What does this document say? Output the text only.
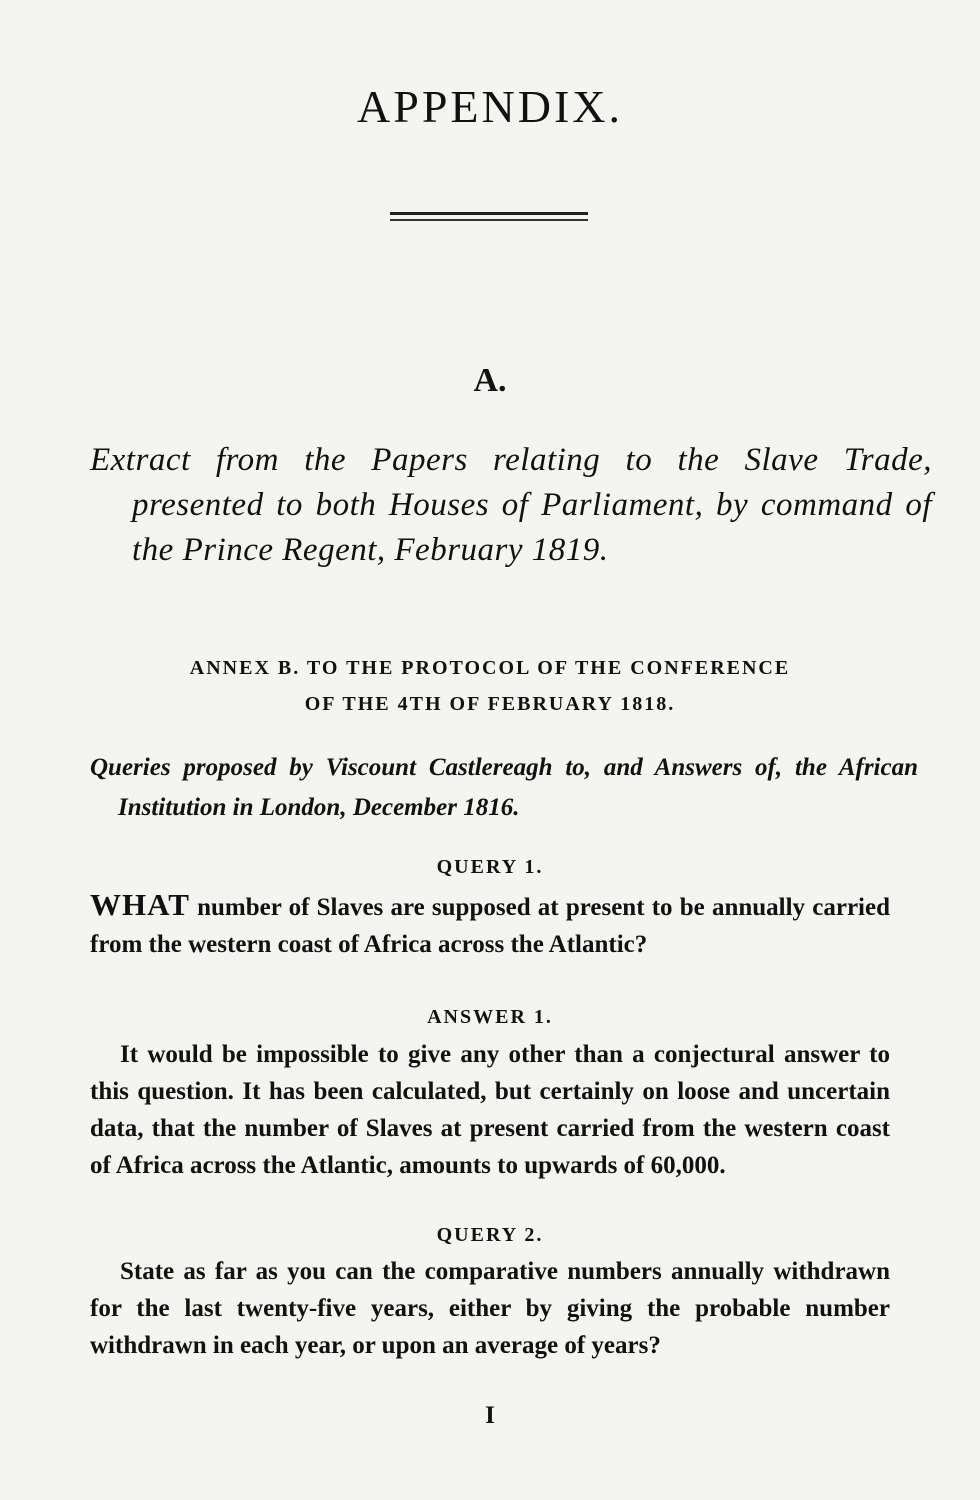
APPENDIX.
A.

Extract from the Papers relating to the Slave Trade, presented to both Houses of Parliament, by command of the Prince Regent, February 1819.

ANNEX B. TO THE PROTOCOL OF THE CONFERENCE
OF THE 4TH OF FEBRUARY 1818.

Queries proposed by Viscount Castlereagh to, and Answers of, the African Institution in London, December 1816.

QUERY 1.

WHAT number of Slaves are supposed at present to be annually carried from the western coast of Africa across the Atlantic?

ANSWER 1.

It would be impossible to give any other than a conjectural answer to this question. It has been calculated, but certainly on loose and uncertain data, that the number of Slaves at present carried from the western coast of Africa across the Atlantic, amounts to upwards of 60,000.

QUERY 2.

State as far as you can the comparative numbers annually withdrawn for the last twenty-five years, either by giving the probable number withdrawn in each year, or upon an average of years?

I
